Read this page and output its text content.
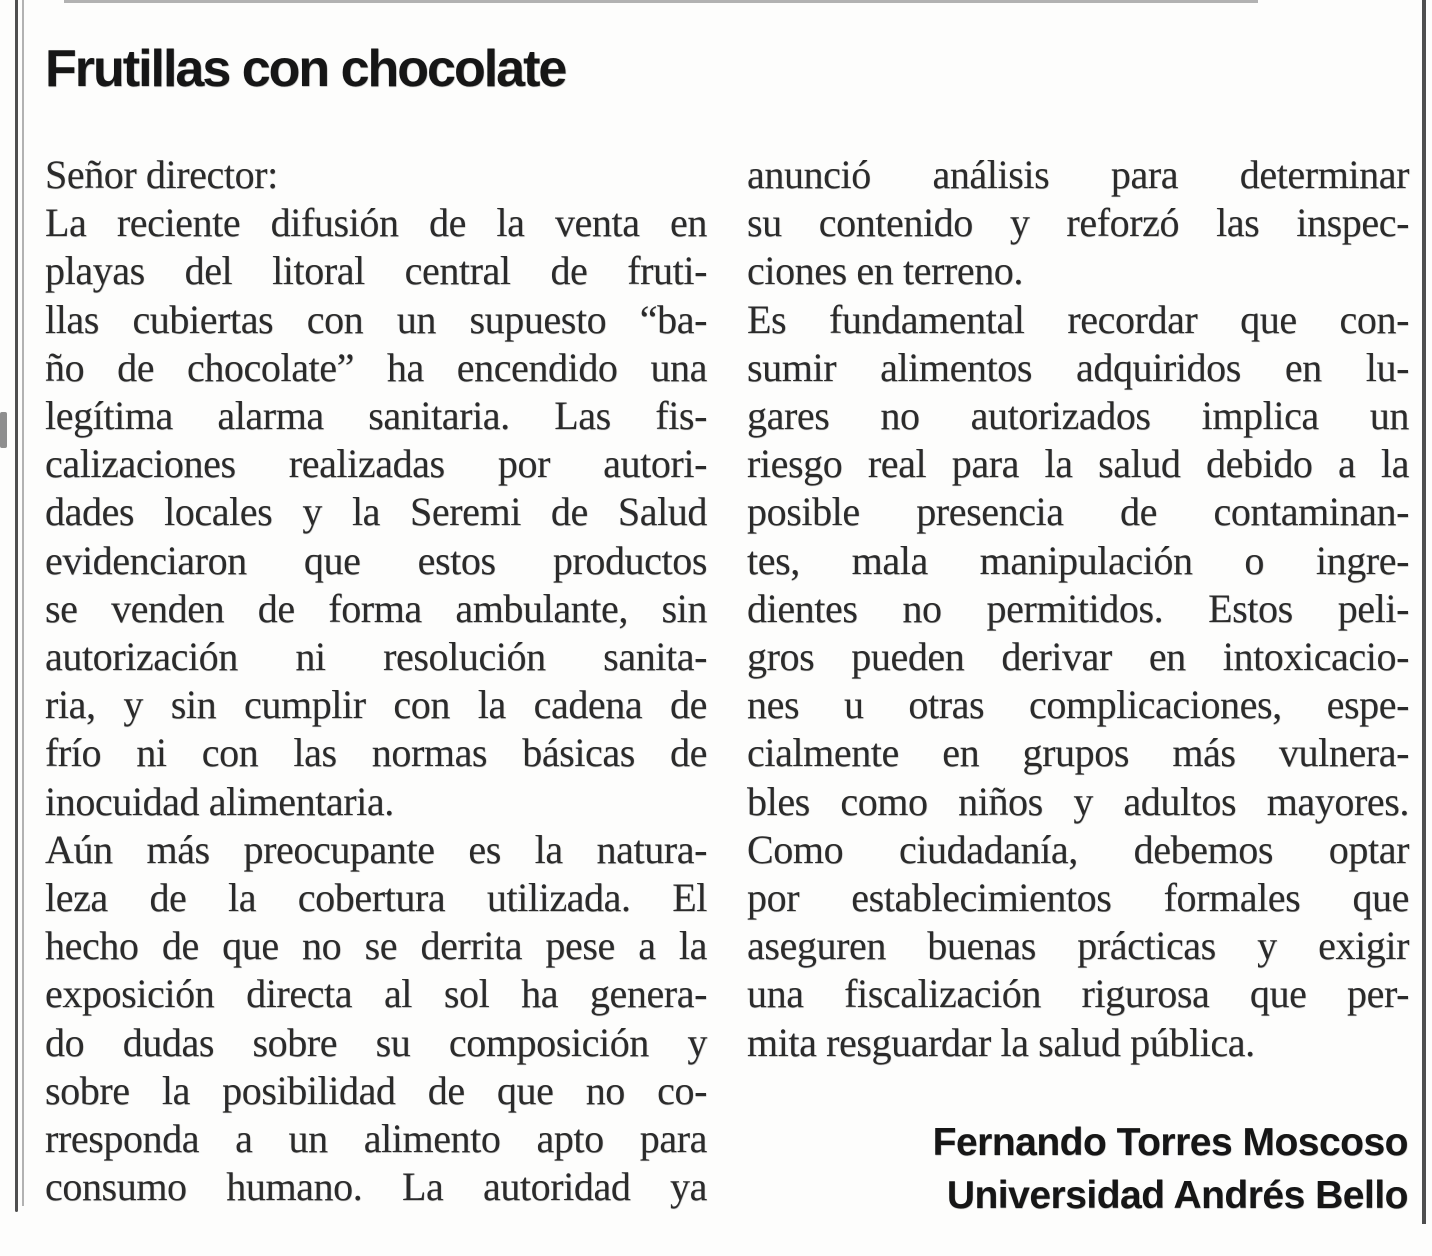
Frutillas con chocolate
Señor director:
La reciente difusión de la venta en
playas del litoral central de fruti-
llas cubiertas con un supuesto “ba-
ño de chocolate” ha encendido una
legítima alarma sanitaria. Las fis-
calizaciones realizadas por autori-
dades locales y la Seremi de Salud
evidenciaron que estos productos
se venden de forma ambulante, sin
autorización ni resolución sanita-
ria, y sin cumplir con la cadena de
frío ni con las normas básicas de
inocuidad alimentaria.
Aún más preocupante es la natura-
leza de la cobertura utilizada. El
hecho de que no se derrita pese a la
exposición directa al sol ha genera-
do dudas sobre su composición y
sobre la posibilidad de que no co-
rresponda a un alimento apto para
consumo humano. La autoridad ya
anunció análisis para determinar
su contenido y reforzó las inspec-
ciones en terreno.
Es fundamental recordar que con-
sumir alimentos adquiridos en lu-
gares no autorizados implica un
riesgo real para la salud debido a la
posible presencia de contaminan-
tes, mala manipulación o ingre-
dientes no permitidos. Estos peli-
gros pueden derivar en intoxicacio-
nes u otras complicaciones, espe-
cialmente en grupos más vulnera-
bles como niños y adultos mayores.
Como ciudadanía, debemos optar
por establecimientos formales que
aseguren buenas prácticas y exigir
una fiscalización rigurosa que per-
mita resguardar la salud pública.
Fernando Torres Moscoso
Universidad Andrés Bello
